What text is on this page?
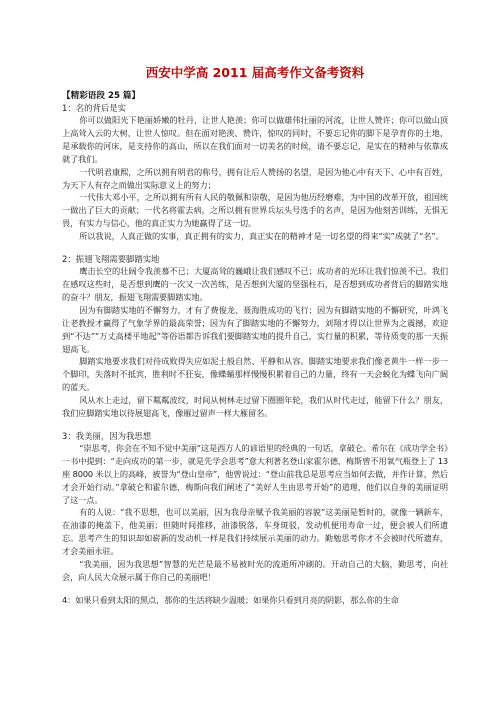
西安中学高 2011 届高考作文备考资料
【精彩语段 25 篇】
1：名的背后是实

你可以做阳光下艳丽娇嫩的牡丹，让世人艳羡；你可以做雄伟壮丽的河流，让世人赞许；你可以做山顶上高耸入云的大树，让世人惊叹。但在面对艳羡、赞许，惊叹的同时，不要忘记你的脚下是孕育你的土地，是承载你的河床，是支持你的高山，所以在我们面对一切美名的时候，请不要忘记，是实在的精神与依靠成就了我们。

一代明君康熙，之所以拥有明君的称号，拥有让后人赞扬的名望，是因为他心中有天下、心中有百姓，为天下人有存之而做出实际意义上的努力；

一代伟大邓小平，之所以拥有所有人民的敬佩和崇敬，是因为他历经磨难，为中国的改革开放，祖国统一做出了巨大的贡献；一代名将霍去病，之所以拥有世界兵坛头号选手的名声，是因为他刻苦训练，无惧无畏，有实力与信心，他的真正实力为她赢得了这一切。

所以我说，人真正做的实事，真正拥有的实力，真正实在的精神才是一切名望的得来“实”成就了“名”。

2：振翅飞翔需要脚踏实地

鹰击长空的壮阔令我羡慕不已；大厦高耸的巍峨让我们感叹不已；成功者的光环让我们惊羡不已。我们在感叹这些时，是否想到鹰的一次又一次苦练，是否想到大厦的坚强柱石，是否想到成功者背后的脚踏实地的奋斗？朋友，振翅飞翔需要脚踏实地。

因为有脚踏实地的不懈努力，才有了费俊龙、聂海胜成功的飞行；因为有脚踏实地的不懈研究，叶鸿飞让老教授才赢得了气象学界的最高荣誉；因为有了脚踏实地的不懈努力，刘翔才得以让世界为之震撼，欢迎到“不达”“万丈高楼平地起”等俗语都告诉我们要脚踏实地的提升自己，实行量的积累，等待质变的那一天振翅高飞。

脚踏实地要求我们对待成败得失应如泥土般自然、平静和从容。脚踏实地要求我们像老黄牛一样一步一个脚印，失落时不抵宾，胜利时不狂妄，像蝶蛹那样慢慢积累着自己的力量，终有一天会蜕化为蝶飞向广阔的蓝天。

风从水上走过，留下粼粼波纹，时间从树林走过留下圈圈年轮，我们从时代走过，能留下什么？朋友，我们应脚踏实地以待展翅高飞，像雁过留声一样大雁留名。

3：我美丽，因为我思想

“崇思考，你会在不知不觉中美丽”这是西方人的谚语里的经典的一句话，拿破仑。希尔在《成功学全书》一书中提到：“走向成功的第一步，就是先学会思考”意大利著名登山家霍尔德，梅斯曾不用氧气瓶登上了 13 座 8000 米以上的高峰，被誉为“登山皇帝”，他曾说过：“登山前我总是思考应当如何去做，并作计算，然后才会开始行动。”拿破仑和霍尔德，梅斯向我们阐述了“美好人生由思考开始”的道理，他们以自身的美丽证明了这一点。

有的人说：“我不思想，也可以美丽，因为我母亲赋予我美丽的容貌”这美丽是暂时的，就像一辆新车，在油漆的掩盖下，他美丽；但随时间推移，油漆脱落，车身斑驳，发动机便用寿命一过，便会被人们所遗忘。思考产生的知识却如崭新的发动机一样是我们持续展示美丽的动力。勤勉思考你才不会被时代所遗弃，才会美丽永驻。

“我美丽，因为我思想”智慧的光芒是最不易被时光的流逝所冲刷的。开动自己的大脑，勤思考，向社会，向人民大众展示属于你自己的美丽吧！

4：如果只看到太阳的黑点，那你的生活将缺少温暖；如果你只看到月亮的阴影，那么你的生命
